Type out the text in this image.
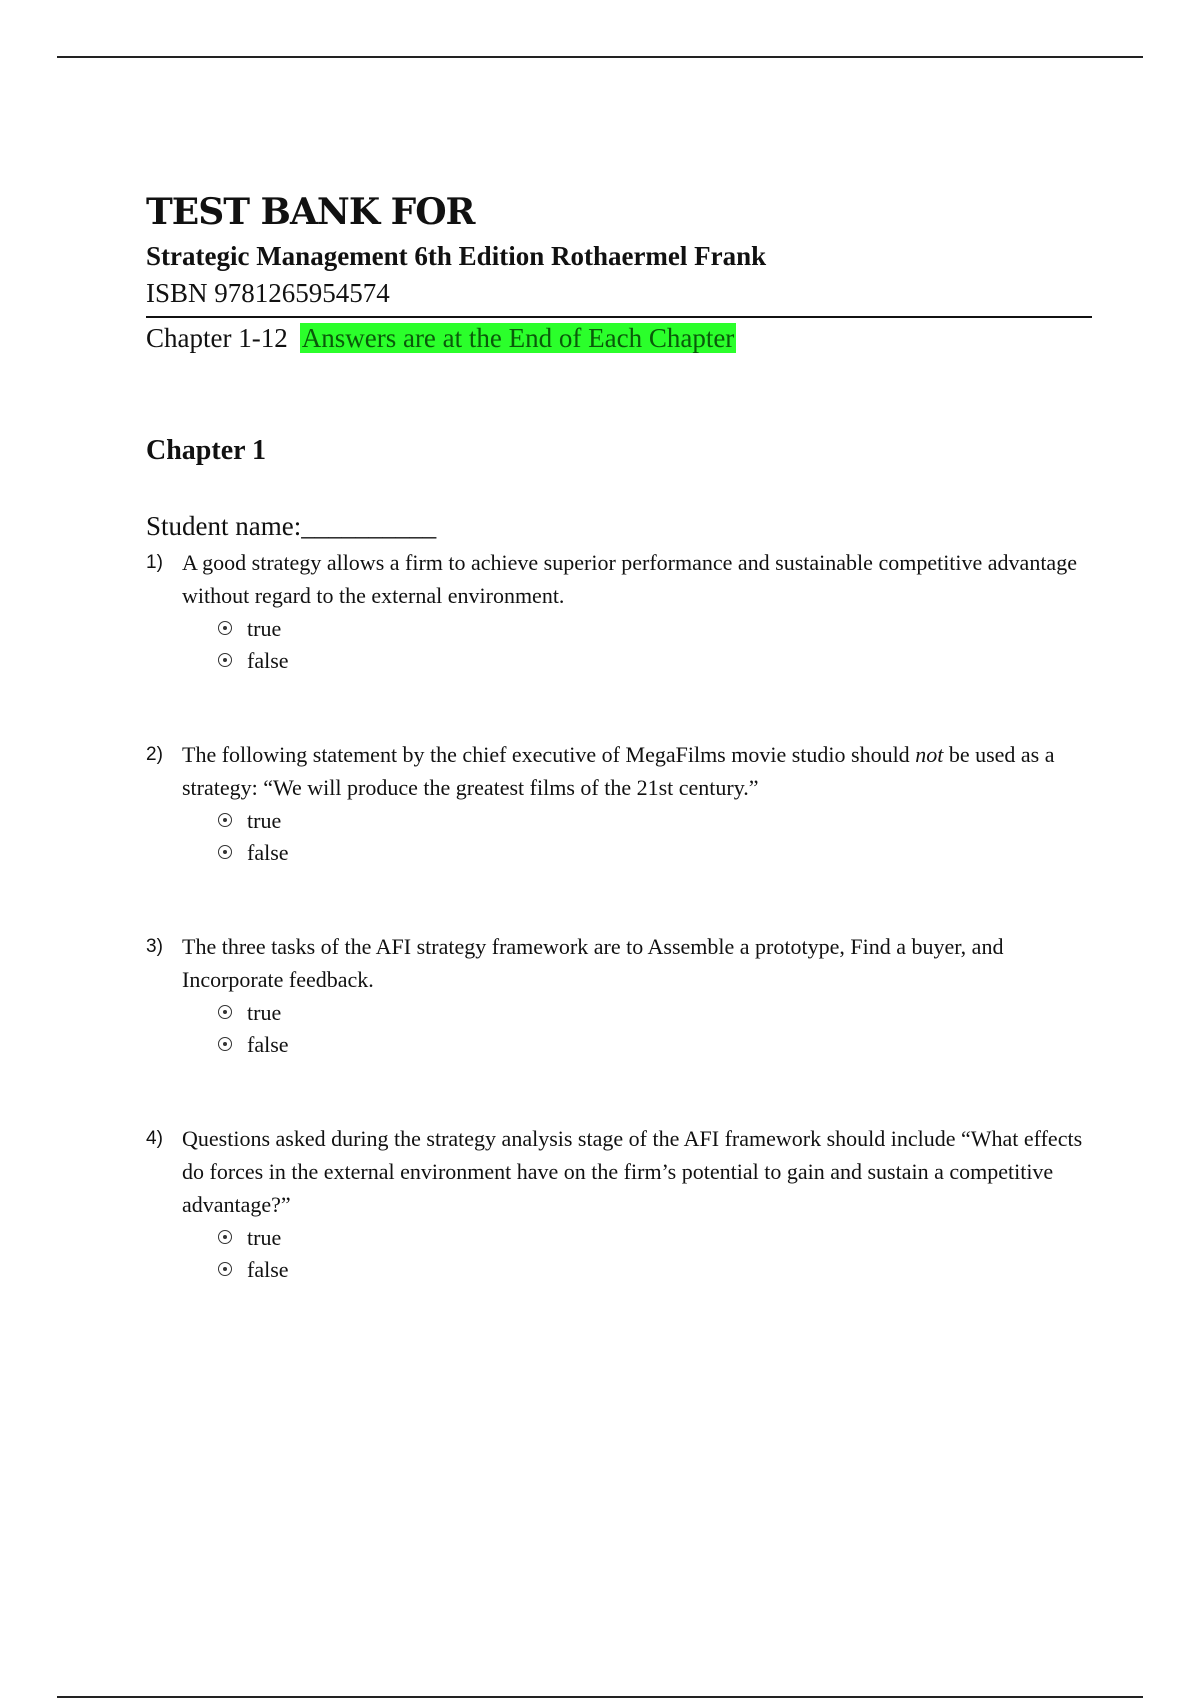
TEST BANK FOR
Strategic Management 6th Edition Rothaermel Frank
ISBN 9781265954574
Chapter 1-12 Answers are at the End of Each Chapter
Chapter 1
Student name:__________
1) A good strategy allows a firm to achieve superior performance and sustainable competitive advantage without regard to the external environment.
true
false
2) The following statement by the chief executive of MegaFilms movie studio should not be used as a strategy: “We will produce the greatest films of the 21st century.”
true
false
3) The three tasks of the AFI strategy framework are to Assemble a prototype, Find a buyer, and Incorporate feedback.
true
false
4) Questions asked during the strategy analysis stage of the AFI framework should include “What effects do forces in the external environment have on the firm’s potential to gain and sustain a competitive advantage?”
true
false
